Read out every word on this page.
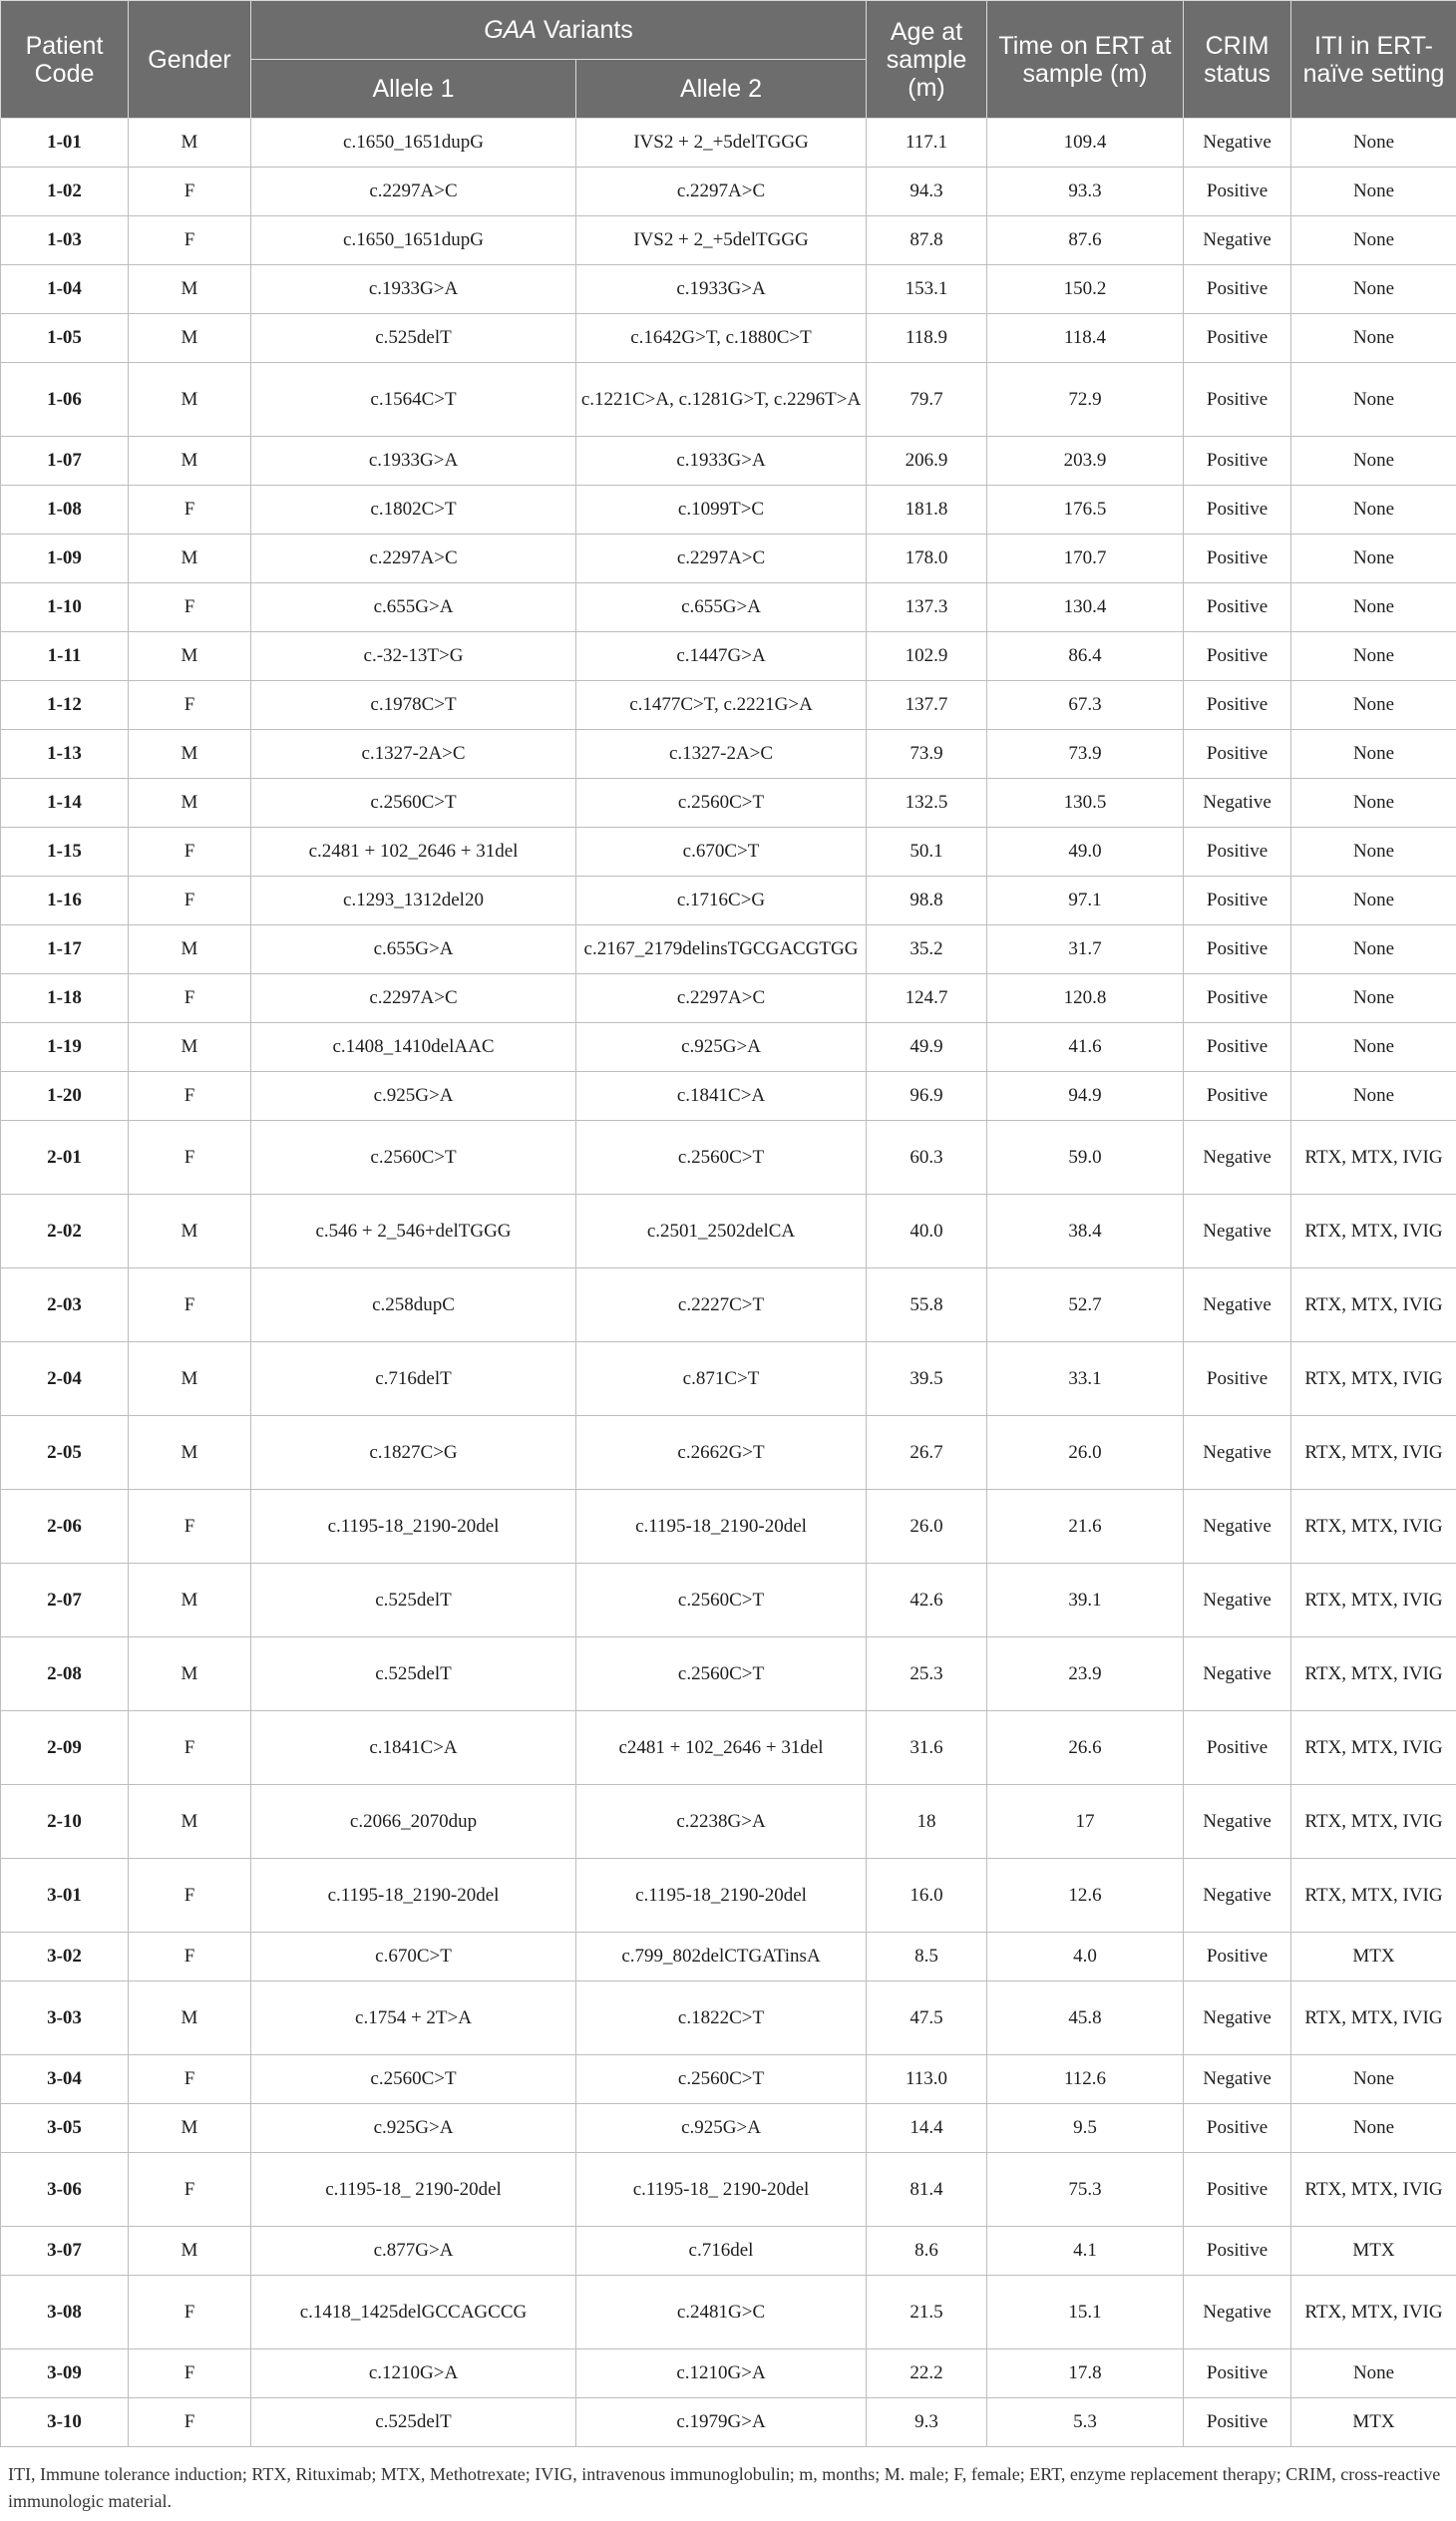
Patient Code	Gender	GAA Variants		Age at sample (m)	Time on ERT at sample (m)	CRIM status	ITI in ERT-naïve setting
		Allele 1	Allele 2				
1-01	M	c.1650_1651dupG	IVS2 + 2_+5delTGGG	117.1	109.4	Negative	None
1-02	F	c.2297A>C	c.2297A>C	94.3	93.3	Positive	None
1-03	F	c.1650_1651dupG	IVS2 + 2_+5delTGGG	87.8	87.6	Negative	None
1-04	M	c.1933G>A	c.1933G>A	153.1	150.2	Positive	None
1-05	M	c.525delT	c.1642G>T, c.1880C>T	118.9	118.4	Positive	None
1-06	M	c.1564C>T	c.1221C>A, c.1281G>T, c.2296T>A	79.7	72.9	Positive	None
1-07	M	c.1933G>A	c.1933G>A	206.9	203.9	Positive	None
1-08	F	c.1802C>T	c.1099T>C	181.8	176.5	Positive	None
1-09	M	c.2297A>C	c.2297A>C	178.0	170.7	Positive	None
1-10	F	c.655G>A	c.655G>A	137.3	130.4	Positive	None
1-11	M	c.-32-13T>G	c.1447G>A	102.9	86.4	Positive	None
1-12	F	c.1978C>T	c.1477C>T, c.2221G>A	137.7	67.3	Positive	None
1-13	M	c.1327-2A>C	c.1327-2A>C	73.9	73.9	Positive	None
1-14	M	c.2560C>T	c.2560C>T	132.5	130.5	Negative	None
1-15	F	c.2481 + 102_2646 + 31del	c.670C>T	50.1	49.0	Positive	None
1-16	F	c.1293_1312del20	c.1716C>G	98.8	97.1	Positive	None
1-17	M	c.655G>A	c.2167_2179delinsTGCGACGTGG	35.2	31.7	Positive	None
1-18	F	c.2297A>C	c.2297A>C	124.7	120.8	Positive	None
1-19	M	c.1408_1410delAAC	c.925G>A	49.9	41.6	Positive	None
1-20	F	c.925G>A	c.1841C>A	96.9	94.9	Positive	None
2-01	F	c.2560C>T	c.2560C>T	60.3	59.0	Negative	RTX, MTX, IVIG
2-02	M	c.546 + 2_546+delTGGG	c.2501_2502delCA	40.0	38.4	Negative	RTX, MTX, IVIG
2-03	F	c.258dupC	c.2227C>T	55.8	52.7	Negative	RTX, MTX, IVIG
2-04	M	c.716delT	c.871C>T	39.5	33.1	Positive	RTX, MTX, IVIG
2-05	M	c.1827C>G	c.2662G>T	26.7	26.0	Negative	RTX, MTX, IVIG
2-06	F	c.1195-18_2190-20del	c.1195-18_2190-20del	26.0	21.6	Negative	RTX, MTX, IVIG
2-07	M	c.525delT	c.2560C>T	42.6	39.1	Negative	RTX, MTX, IVIG
2-08	M	c.525delT	c.2560C>T	25.3	23.9	Negative	RTX, MTX, IVIG
2-09	F	c.1841C>A	c2481 + 102_2646 + 31del	31.6	26.6	Positive	RTX, MTX, IVIG
2-10	M	c.2066_2070dup	c.2238G>A	18	17	Negative	RTX, MTX, IVIG
3-01	F	c.1195-18_2190-20del	c.1195-18_2190-20del	16.0	12.6	Negative	RTX, MTX, IVIG
3-02	F	c.670C>T	c.799_802delCTGATinsA	8.5	4.0	Positive	MTX
3-03	M	c.1754 + 2T>A	c.1822C>T	47.5	45.8	Negative	RTX, MTX, IVIG
3-04	F	c.2560C>T	c.2560C>T	113.0	112.6	Negative	None
3-05	M	c.925G>A	c.925G>A	14.4	9.5	Positive	None
3-06	F	c.1195-18_ 2190-20del	c.1195-18_ 2190-20del	81.4	75.3	Positive	RTX, MTX, IVIG
3-07	M	c.877G>A	c.716del	8.6	4.1	Positive	MTX
3-08	F	c.1418_1425delGCCAGCCG	c.2481G>C	21.5	15.1	Negative	RTX, MTX, IVIG
3-09	F	c.1210G>A	c.1210G>A	22.2	17.8	Positive	None
3-10	F	c.525delT	c.1979G>A	9.3	5.3	Positive	MTX
ITI, Immune tolerance induction; RTX, Rituximab; MTX, Methotrexate; IVIG, intravenous immunoglobulin; m, months; M. male; F, female; ERT, enzyme replacement therapy; CRIM, cross-reactive immunologic material.
